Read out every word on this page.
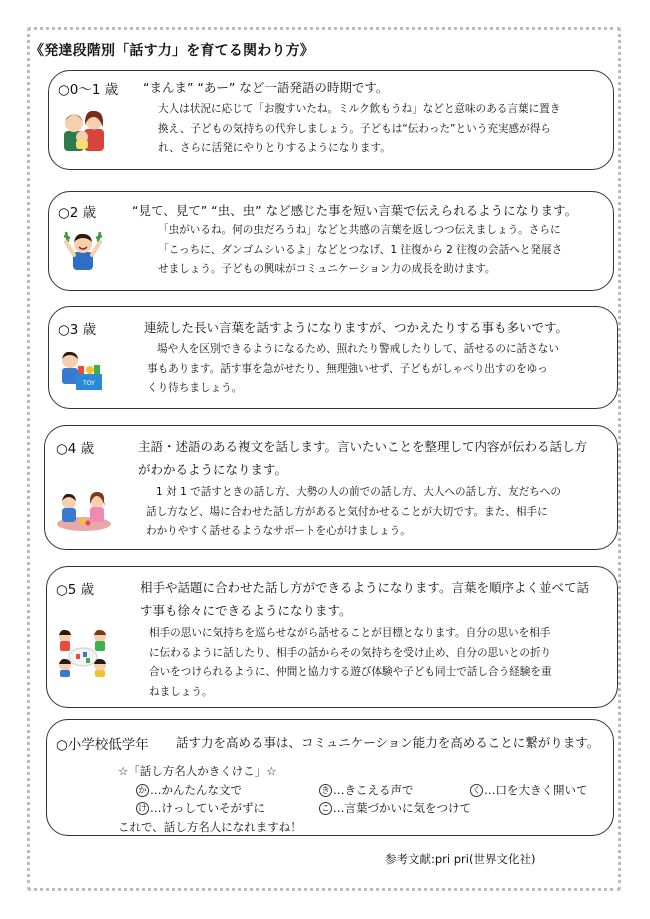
《発達段階別「話す力」を育てる関わり方》
○0～1 歳 “まんま” “あー” など一語発語の時期です。
大人は状況に応じて「お腹すいたね。ミルク飲もうね」などと意味のある言葉に置き
換え、子どもの気持ちの代弁しましょう。子どもは“伝わった”という充実感が得ら
れ、さらに活発にやりとりするようになります。
○2 歳	“見て、見て” “虫、虫” など感じた事を短い言葉で伝えられるようになります。
「虫がいるね。何の虫だろうね」などと共感の言葉を返しつつ伝えましょう。さらに
「こっちに、ダンゴムシいるよ」などとつなげ、1 往復から 2 往復の会話へと発展さ
せましょう。子どもの興味がコミュニケーション力の成長を助けます。
○3 歳	連続した長い言葉を話すようになりますが、つかえたりする事も多いです。
場や人を区別できるようになるため、照れたり警戒したりして、話せるのに話さない
事もあります。話す事を急がせたり、無理強いせず、子どもがしゃべり出すのをゆっ
くり待ちましょう。
TOY
○4 歳	主語・述語のある複文を話します。言いたいことを整理して内容が伝わる話し方
がわかるようになります。
1 対 1 で話すときの話し方、大勢の人の前での話し方、大人への話し方、友だちへの
話し方など、場に合わせた話し方があると気付かせることが大切です。また、相手に
わかりやすく話せるようなサポートを心がけましょう。
○5 歳	相手や話題に合わせた話し方ができるようになります。言葉を順序よく並べて話
す事も徐々にできるようになります。
相手の思いに気持ちを巡らせながら話せることが目標となります。自分の思いを相手
に伝わるように話したり、相手の話からその気持ちを受け止め、自分の思いとの折り
合いをつけられるように、仲間と協力する遊び体験や子ども同士で話し合う経験を重
ねましょう。
○小学校低学年 話す力を高める事は、コミュニケーション能力を高めることに繋がります。
☆「話し方名人かきくけこ」☆
か …かんたんな文で	き …きこえる声で	く …口を大きく開いて
け …けっしていそがずに	こ …言葉づかいに気をつけて
これで、話し方名人になれますね！
参考文献:pri pri(世界文化社)
